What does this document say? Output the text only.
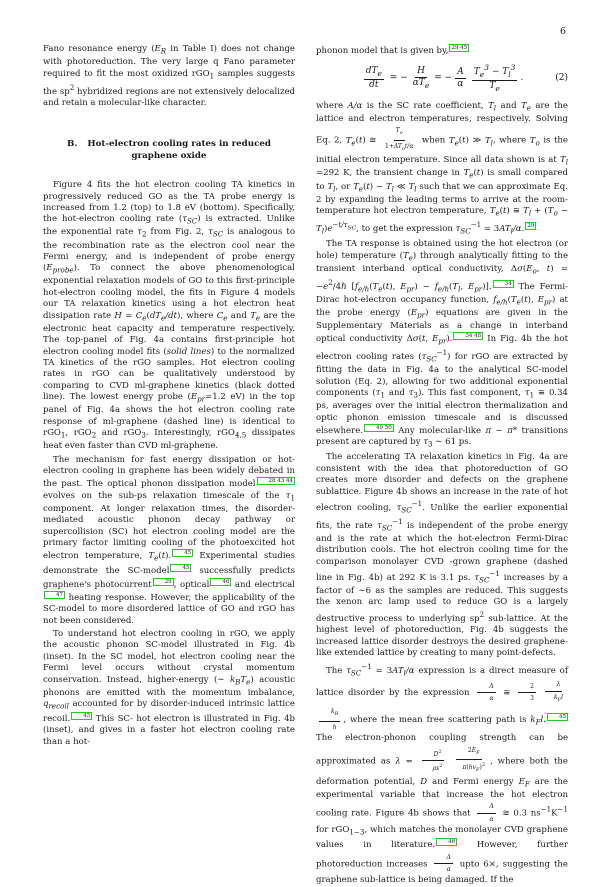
6

Fano resonance energy ($E_R$ in Table I) does not change with photoreduction. The very large q Fano parameter required to fit the most oxidized rGO$_1$ samples suggests the $sp^2$ hybridized regions are not extensively delocalized and retain a molecular-like character.

B. Hot-electron cooling rates in reduced graphene oxide

Figure 4 fits the hot electron cooling TA kinetics in progressively reduced GO as the TA probe energy is increased from 1.2 (top) to 1.8 eV (bottom). Specifically, the hot-electron cooling rate $(\tau_{SC})$ is extracted. Unlike the exponential rate $\tau_2$ from Fig. 2, $\tau_{SC}$ is analogous to the recombination rate as the electron cool near the Fermi energy, and is independent of probe energy $(E_{probe})$. To connect the above phenomenological exponential relaxation models of GO to this first-principle hot-electron cooling model, the fits in Figure 4 models our TA relaxation kinetics using a hot electron heat dissipation rate $H = C_e(dT_e/dt)$, where $C_e$ and $T_e$ are the electronic heat capacity and temperature respectively. The top-panel of Fig. 4a contains first-principle hot electron cooling model fits (solid lines) to the normalized TA kinetics of the rGO samples. Hot electron cooling rates in rGO can be qualitatively understood by comparing to CVD ml-graphene kinetics (black dotted line). The lowest energy probe ($E_{pr}=1.2$ eV) in the top panel of Fig. 4a shows the hot electron cooling rate response of ml-graphene (dashed line) is identical to rGO$_1$, rGO$_2$ and rGO$_3$. Interestingly, rGO$_{4,5}$ dissipates heat even faster than CVD ml-graphene.

The mechanism for fast energy dissipation or hot-electron cooling in graphene has been widely debated in the past. The optical phonon dissipation model 28 43 44 evolves on the sub-ps relaxation timescale of the $\tau_1$ component. At longer relaxation times, the disorder-mediated acoustic phonon decay pathway or supercollision (SC) hot electron cooling model are the primary factor limiting cooling of the photoexcited hot electron temperature, $T_e(t)$. 45 Experimental studies demonstrate the SC-model 45 successfully predicts graphene's photocurrent 29 , optical 46 and electrical47 heating response. However, the applicability of the SC-model to more disordered lattice of GO and rGO has not been considered.

To understand hot electron cooling in rGO, we apply the acoustic phonon SC-model illustrated in Fig. 4b (inset). In the SC model, hot electron cooling near the Fermi level occurs without crystal momentum conservation. Instead, higher-energy (∼ $k_BT_e$) acoustic phonons are emitted with the momentum imbalance, $q_{recoil}$ accounted for by disorder-induced intrinsic lattice recoil. 45 This SC- hot electron is illustrated in Fig. 4b (inset), and gives in a faster hot electron cooling rate than a hot-

phonon model that is given by, 29 45

$\frac{dT_e}{dt}$ = − $\frac{H}{\alpha T_e}$ = − $\frac{A}{\alpha} \frac{T_e^3 - T_l^3}{T_e}$ .	(2)

where A/α is the SC rate coefficient, $T_l$ and $T_e$ are the lattice and electron temperatures, respectively. Solving Eq. 2, $T_e(t)$ ≅ $\frac{T_o}{1+AT_ot/\alpha}$ when $T_e(t)$ ≫ $T_l$, where $T_o$ is the initial electron temperature. Since all data shown is at $T_l =292$ K, the transient change in $T_e(t)$ is small compared to $T_l$, or $T_e(t) - T_l$ ≪ $T_l$ such that we can approximate Eq. 2 by expanding the leading terms to arrive at the room-temperature hot electron temperature, $T_e(t)$ ≅ $T_l + (T_o - T_l)e^{-t/\tau_{SC}}$, to get the expression $\tau_{SC}^{-1} = 3AT_l/\alpha$. 29

The TA response is obtained using the hot electron (or hole) temperature $(T_e)$ through analytically fitting to the transient interband optical conductivity, $\Delta\sigma(E_o$, $t) = -e^2/4\hbar$ [$f_{e/h}(T_e(t)$, $E_{pr}) - f_{e/h}(T_l$, $E_{pr}$)]. 34 The Fermi-Dirac hot-electron occupancy function, $f_{e/h}(T_e(t)$, $E_{pr}$) at the probe energy $(E_{pr})$ equations are given in the Supplementary Materials as a change in interband optical conductivity Δσ(t, $E_{pr}$). 34 48 In Fig. 4b the hot electron cooling rates $(\tau_{SC}^{-1})$ for rGO are extracted by fitting the data in Fig. 4a to the analytical SC-model solution (Eq. 2), allowing for two additional exponential components ($\tau_1$ and $\tau_3$). This fast component, $\tau_1$ ≅ 0.34 ps, averages over the initial electron thermalization and optic phonon emission timescale and is discussed elsewhere. 49 50 Any molecular-like π − π* transitions present are captured by $\tau_3$ ∼ 61 ps.

The accelerating TA relaxation kinetics in Fig. 4a are consistent with the idea that photoreduction of GO creates more disorder and defects on the graphene sublattice. Figure 4b shows an increase in the rate of hot electron cooling, $\tau_{SC}^{-1}$. Unlike the earlier exponential fits, the rate $\tau_{SC}^{-1}$ is independent of the probe energy and is the rate at which the hot-electron Fermi-Dirac distribution cools. The hot electron cooling time for the comparison monolayer CVD -grown graphene (dashed line in Fig. 4b) at 292 K is 3.1 ps. $\tau_{SC}^{-1}$ increases by a factor of ∼6 as the samples are reduced. This suggests the xenon arc lamp used to reduce GO is a largely destructive process to underlying $sp^2$ sub-lattice. At the highest level of photoreduction, Fig. 4b suggests the increased lattice disorder destroys the desired graphene-like extended lattice by creating to many point-defects.

The $\tau_{SC}^{-1} = 3AT_l/\alpha$ expression is a direct measure of lattice disorder by the expression $\frac{A}{\alpha}$ ≅ $\frac{2}{3} \frac{\lambda}{k_Fl}$
$\frac{k_B}{\text{ℏ}}$ , where the mean free scattering path is $k_Fl$. 45 The electron-phonon coupling strength can be approximated as $\lambda = \frac{D^2}{\rho s^2} \frac{2E_F}{\pi(\hbar v_F)^2}$ , where both the deformation potential, D and Fermi energy $E_F$ are the experimental variable that increase the hot electron cooling rate. Figure 4b shows that $\frac{A}{\alpha}$ ≅ 0.3 $ns^{-1}K^{-1}$ for rGO$_{1-3}$, which matches the monolayer CVD graphene values in literature. 46 However, further photoreduction increases $\frac{A}{\alpha}$ upto 6×, suggesting the graphene sub-lattice is being damaged. If the
